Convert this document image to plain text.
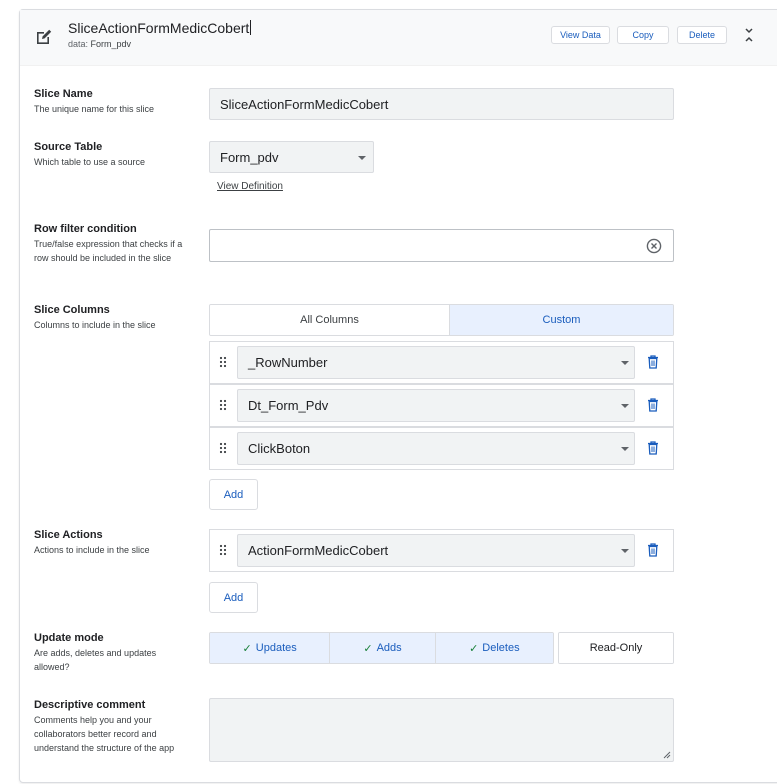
SliceActionFormMedicCobert
data: Form_pdv
View Data	Copy	Delete
Slice Name
The unique name for this slice	SliceActionFormMedicCobert
Source Table
Which table to use a source	Form_pdv
View Definition
Row filter condition
True/false expression that checks if a row should be included in the slice
Slice Columns
Columns to include in the slice	All Columns	Custom
_RowNumber
Dt_Form_Pdv
ClickBoton
Add
Slice Actions
Actions to include in the slice	ActionFormMedicCobert
Add
Update mode
Are adds, deletes and updates allowed?
✓ Updates	✓ Adds	✓ Deletes	Read-Only
Descriptive comment
Comments help you and your collaborators better record and understand the structure of the app
